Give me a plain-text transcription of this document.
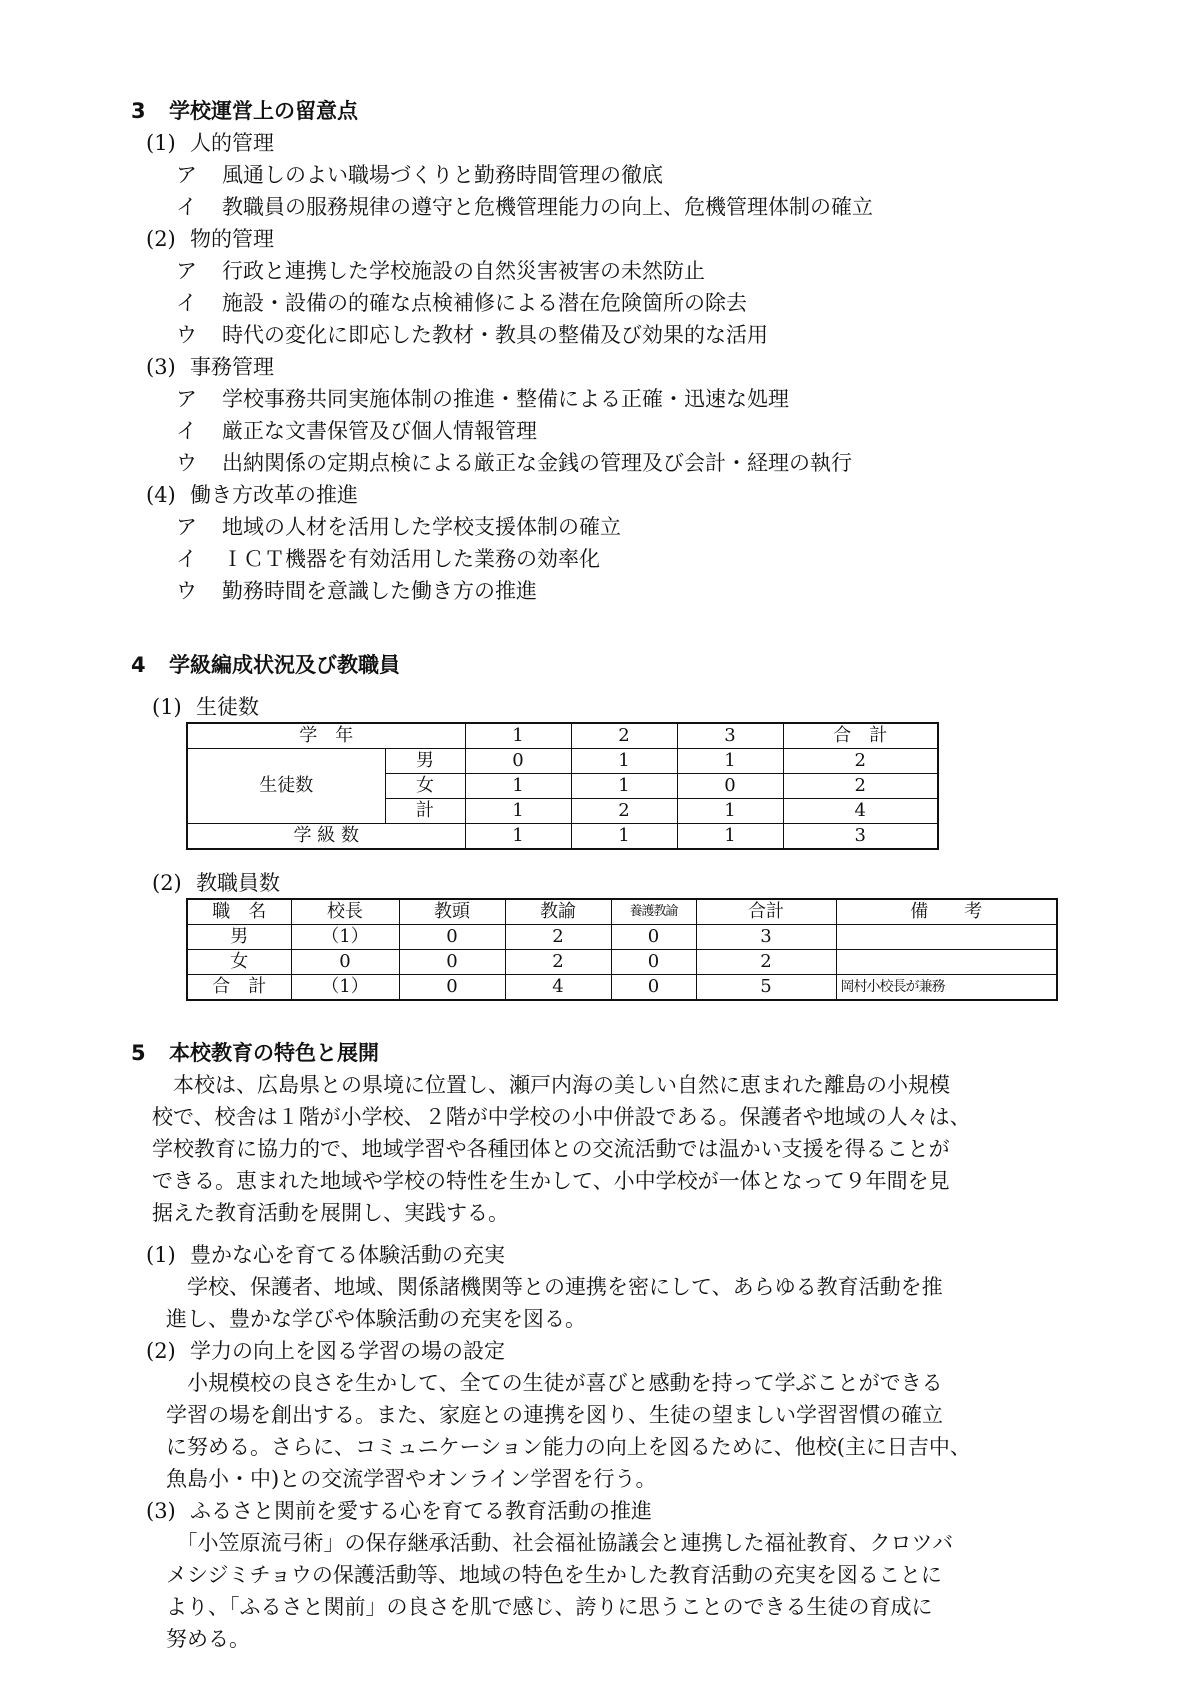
3 学校運営上の留意点
(1) 人的管理
ア 風通しのよい職場づくりと勤務時間管理の徹底
イ 教職員の服務規律の遵守と危機管理能力の向上、危機管理体制の確立
(2) 物的管理
ア 行政と連携した学校施設の自然災害被害の未然防止
イ 施設・設備の的確な点検補修による潜在危険箇所の除去
ウ 時代の変化に即応した教材・教具の整備及び効果的な活用
(3) 事務管理
ア 学校事務共同実施体制の推進・整備による正確・迅速な処理
イ 厳正な文書保管及び個人情報管理
ウ 出納関係の定期点検による厳正な金銭の管理及び会計・経理の執行
(4) 働き方改革の推進
ア 地域の人材を活用した学校支援体制の確立
イ ＩＣＴ機器を有効活用した業務の効率化
ウ 勤務時間を意識した働き方の推進
4 学級編成状況及び教職員
(1) 生徒数
学　年		1	2	3	合　計
生徒数	男	0	1	1	2
	女	1	1	0	2
	計	1	2	1	4
学 級 数		1	1	1	3
(2) 教職員数
職　名	校長	教頭	教諭	養護教諭	合計	備　　考
男	（1）	0	2	0	3	
女	0	0	2	0	2	
合　計	（1）	0	4	0	5	岡村小校長が兼務
5 本校教育の特色と展開
　本校は、広島県との県境に位置し、瀬戸内海の美しい自然に恵まれた離島の小規模
校で、校舎は１階が小学校、２階が中学校の小中併設である。保護者や地域の人々は、
学校教育に協力的で、地域学習や各種団体との交流活動では温かい支援を得ることが
できる。恵まれた地域や学校の特性を生かして、小中学校が一体となって９年間を見
据えた教育活動を展開し、実践する。
(1) 豊かな心を育てる体験活動の充実
　学校、保護者、地域、関係諸機関等との連携を密にして、あらゆる教育活動を推
進し、豊かな学びや体験活動の充実を図る。
(2) 学力の向上を図る学習の場の設定
　小規模校の良さを生かして、全ての生徒が喜びと感動を持って学ぶことができる
学習の場を創出する。また、家庭との連携を図り、生徒の望ましい学習習慣の確立
に努める。さらに、コミュニケーション能力の向上を図るために、他校(主に日吉中、
魚島小・中)との交流学習やオンライン学習を行う。
(3) ふるさと関前を愛する心を育てる教育活動の推進
　「小笠原流弓術」の保存継承活動、社会福祉協議会と連携した福祉教育、クロツバ
メシジミチョウの保護活動等、地域の特色を生かした教育活動の充実を図ることに
より、「ふるさと関前」の良さを肌で感じ、誇りに思うことのできる生徒の育成に
努める。
